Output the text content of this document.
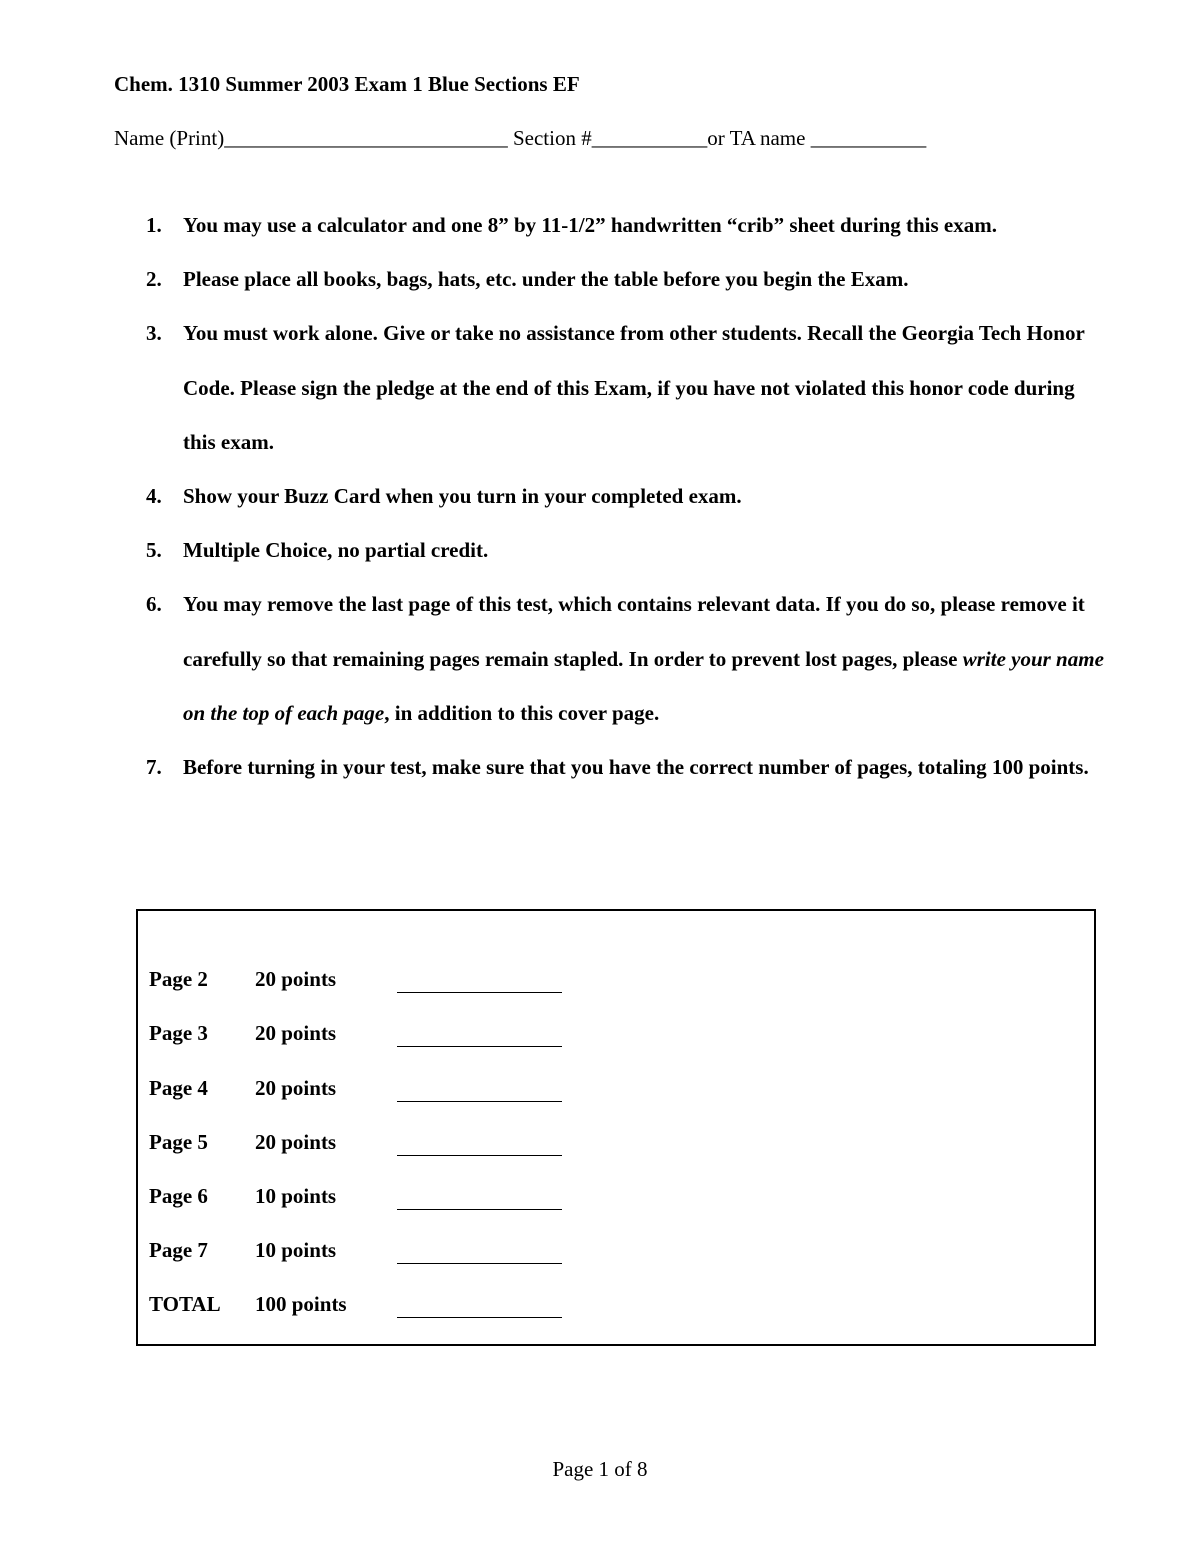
Chem. 1310 Summer 2003 Exam 1 Blue Sections EF
Name (Print)___________________________ Section #___________or TA name ___________
1. You may use a calculator and one 8” by 11-1/2” handwritten “crib” sheet during this exam.
2. Please place all books, bags, hats, etc. under the table before you begin the Exam.
3. You must work alone. Give or take no assistance from other students. Recall the Georgia Tech Honor Code. Please sign the pledge at the end of this Exam, if you have not violated this honor code during this exam.
4. Show your Buzz Card when you turn in your completed exam.
5. Multiple Choice, no partial credit.
6. You may remove the last page of this test, which contains relevant data. If you do so, please remove it carefully so that remaining pages remain stapled. In order to prevent lost pages, please write your name on the top of each page, in addition to this cover page.
7. Before turning in your test, make sure that you have the correct number of pages, totaling 100 points.
Page 2 20 points
Page 3 20 points
Page 4 20 points
Page 5 20 points
Page 6 10 points
Page 7 10 points
TOTAL 100 points
Page 1 of 8
